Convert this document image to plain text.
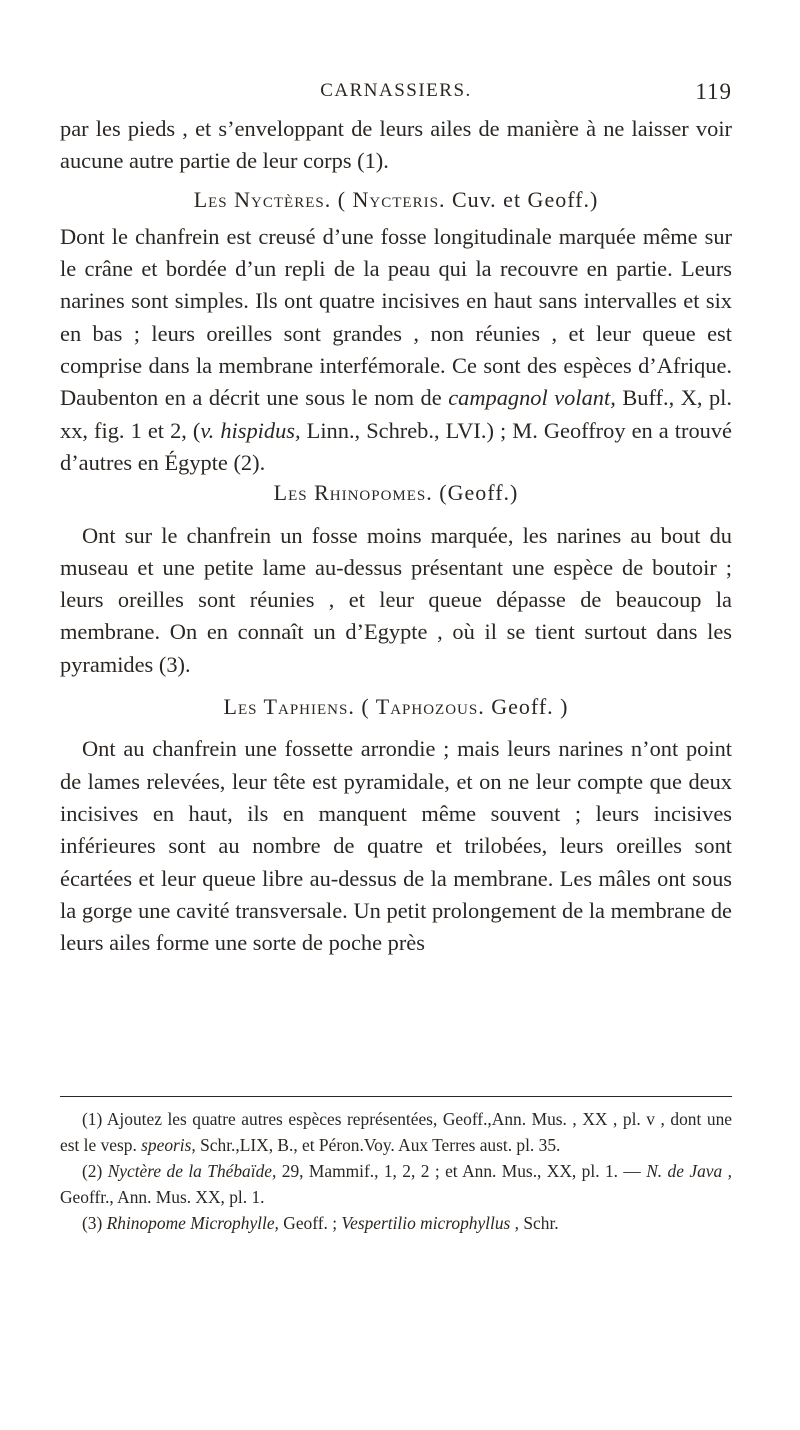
CARNASSIERS.	119

par les pieds , et s’enveloppant de leurs ailes de manière à ne laisser voir aucune autre partie de leur corps (1).

Les Nyctères. ( Nycteris. Cuv. et Geoff.)

Dont le chanfrein est creusé d’une fosse longitudinale marquée même sur le crâne et bordée d’un repli de la peau qui la recouvre en partie. Leurs narines sont simples. Ils ont quatre incisives en haut sans intervalles et six en bas ; leurs oreilles sont grandes , non réunies , et leur queue est comprise dans la membrane interfémorale. Ce sont des espèces d’Afrique. Daubenton en a décrit une sous le nom de campagnol volant, Buff., X, pl. xx, fig. 1 et 2, (v. hispidus, Linn., Schreb., LVI.) ; M. Geoffroy en a trouvé d’autres en Égypte (2).

Les Rhinopomes. (Geoff.)

Ont sur le chanfrein un fosse moins marquée, les narines au bout du museau et une petite lame au-dessus présentant une espèce de boutoir ; leurs oreilles sont réunies , et leur queue dépasse de beaucoup la membrane. On en connaît un d’Egypte , où il se tient surtout dans les pyramides (3).

Les Taphiens. ( Taphozous. Geoff. )

Ont au chanfrein une fossette arrondie ; mais leurs narines n’ont point de lames relevées, leur tête est pyramidale, et on ne leur compte que deux incisives en haut, ils en manquent même souvent ; leurs incisives inférieures sont au nombre de quatre et trilobées, leurs oreilles sont écartées et leur queue libre au-dessus de la membrane. Les mâles ont sous la gorge une cavité transversale. Un petit prolongement de la membrane de leurs ailes forme une sorte de poche près

(1) Ajoutez les quatre autres espèces représentées, Geoff.,Ann. Mus. , XX , pl. v , dont une est le vesp. speoris, Schr.,LIX, B., et Péron.Voy. Aux Terres aust. pl. 35.

(2) Nyctère de la Thébaïde, 29, Mammif., 1, 2, 2 ; et Ann. Mus., XX, pl. 1. — N. de Java , Geoffr., Ann. Mus. XX, pl. 1.

(3) Rhinopome Microphylle, Geoff. ; Vespertilio microphyllus , Schr.
